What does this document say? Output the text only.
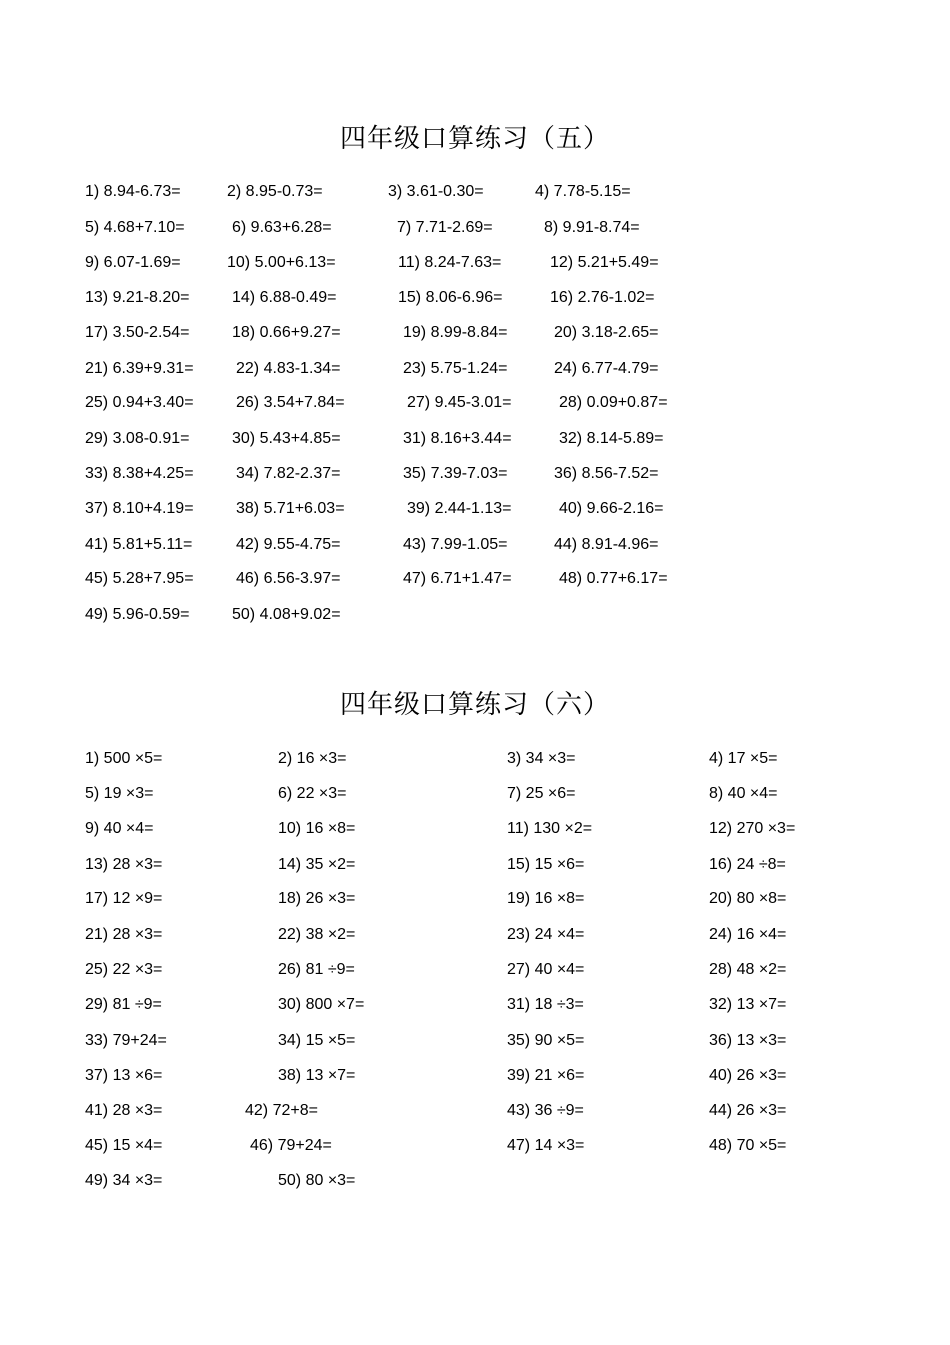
四年级口算练习（五）
1) 8.94-6.73=	2) 8.95-0.73=	3) 3.61-0.30=	4) 7.78-5.15=
5) 4.68+7.10=	6) 9.63+6.28=	7) 7.71-2.69=	8) 9.91-8.74=
9) 6.07-1.69=	10) 5.00+6.13=	11) 8.24-7.63=	12) 5.21+5.49=
13) 9.21-8.20=	14) 6.88-0.49=	15) 8.06-6.96=	16) 2.76-1.02=
17) 3.50-2.54=	18) 0.66+9.27=	19) 8.99-8.84=	20) 3.18-2.65=
21) 6.39+9.31=	22) 4.83-1.34=	23) 5.75-1.24=	24) 6.77-4.79=
25) 0.94+3.40=	26) 3.54+7.84=	27) 9.45-3.01=	28) 0.09+0.87=
29) 3.08-0.91=	30) 5.43+4.85=	31) 8.16+3.44=	32) 8.14-5.89=
33) 8.38+4.25=	34) 7.82-2.37=	35) 7.39-7.03=	36) 8.56-7.52=
37) 8.10+4.19=	38) 5.71+6.03=	39) 2.44-1.13=	40) 9.66-2.16=
41) 5.81+5.11=	42) 9.55-4.75=	43) 7.99-1.05=	44) 8.91-4.96=
45) 5.28+7.95=	46) 6.56-3.97=	47) 6.71+1.47=	48) 0.77+6.17=
49) 5.96-0.59=	50) 4.08+9.02=
四年级口算练习（六）
1) 500 ×5=	2) 16 ×3=	3) 34 ×3=	4) 17 ×5=
5) 19 ×3=	6) 22 ×3=	7) 25 ×6=	8) 40 ×4=
9) 40 ×4=	10) 16 ×8=	11) 130 ×2=	12) 270 ×3=
13) 28 ×3=	14) 35 ×2=	15) 15 ×6=	16) 24 ÷8=
17) 12 ×9=	18) 26 ×3=	19) 16 ×8=	20) 80 ×8=
21) 28 ×3=	22) 38 ×2=	23) 24 ×4=	24) 16 ×4=
25) 22 ×3=	26) 81 ÷9=	27) 40 ×4=	28) 48 ×2=
29) 81 ÷9=	30) 800 ×7=	31) 18 ÷3=	32) 13 ×7=
33) 79+24=	34) 15 ×5=	35) 90 ×5=	36) 13 ×3=
37) 13 ×6=	38) 13 ×7=	39) 21 ×6=	40) 26 ×3=
41) 28 ×3=	42) 72+8=	43) 36 ÷9=	44) 26 ×3=
45) 15 ×4=	46) 79+24=	47) 14 ×3=	48) 70 ×5=
49) 34 ×3=	50) 80 ×3=
